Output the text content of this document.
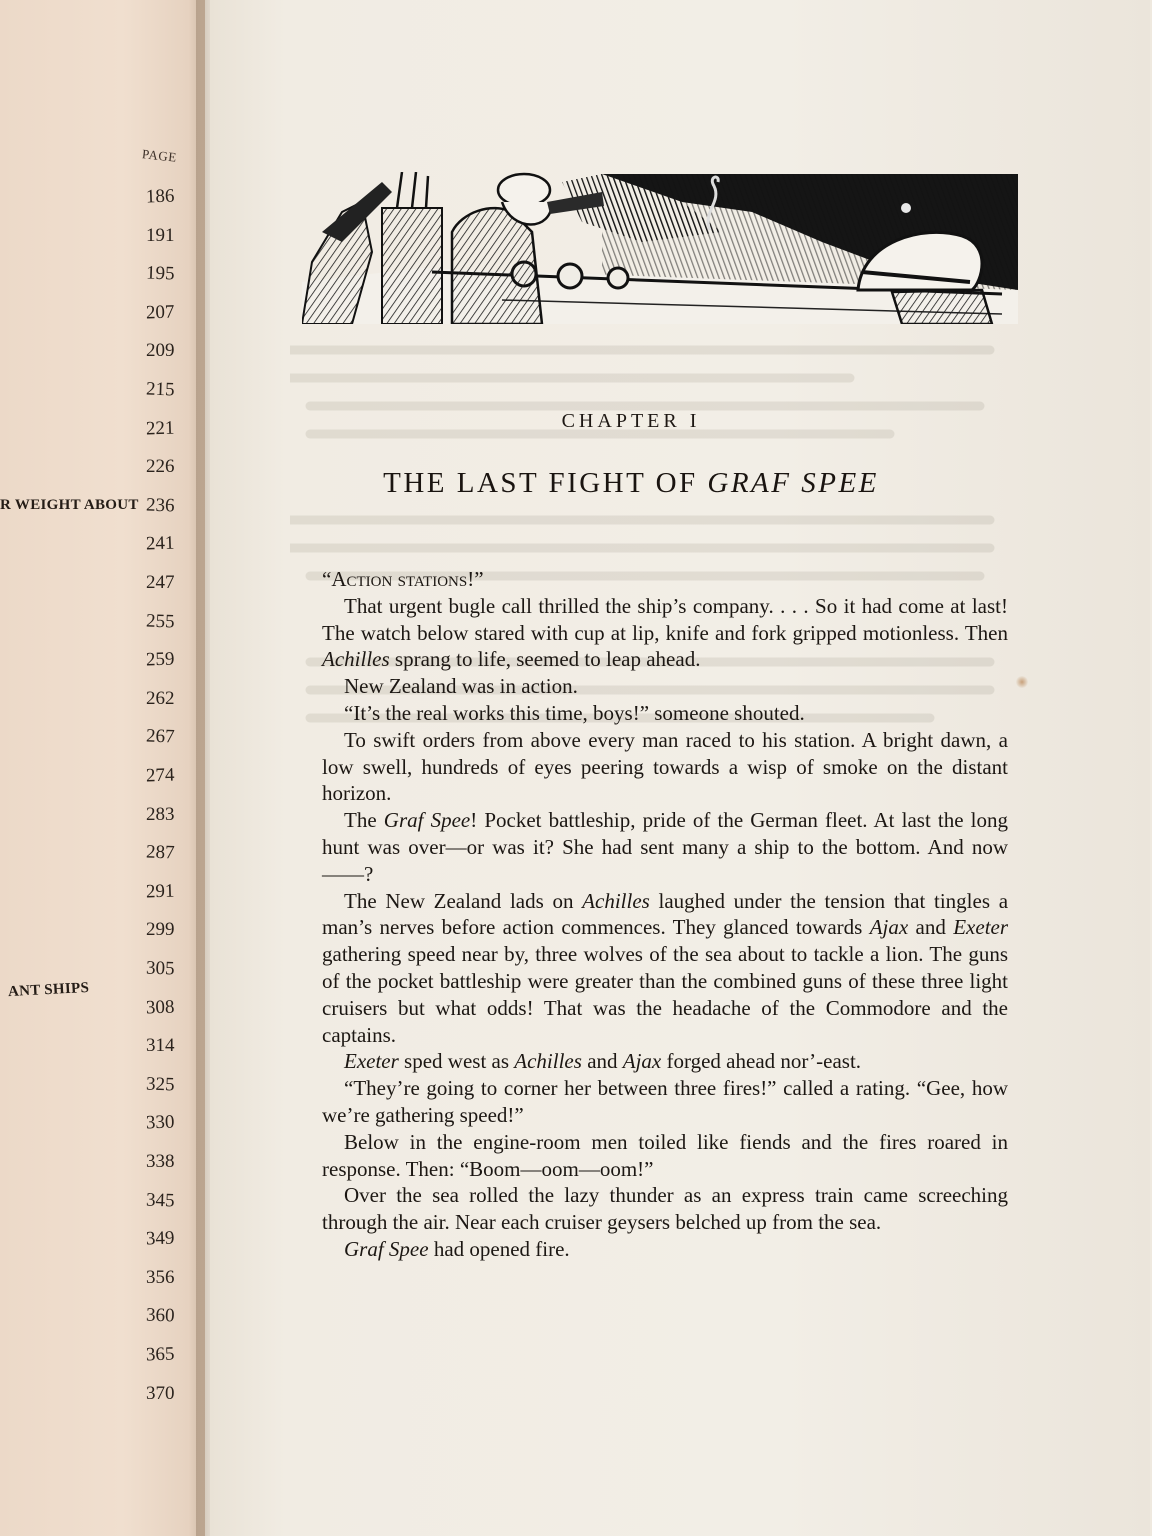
PAGE
186
191
195
207
209
215
221
226
236
241
247
255
259
262
267
274
283
287
291
299
305
308
314
325
330
338
345
349
356
360
365
370
R WEIGHT ABOUT
ANT SHIPS
CHAPTER I
THE LAST FIGHT OF GRAF SPEE

“Action stations!”

That urgent bugle call thrilled the ship’s company. . . . So it had come at last! The watch below stared with cup at lip, knife and fork gripped motionless. Then Achilles sprang to life, seemed to leap ahead.

New Zealand was in action.

“It’s the real works this time, boys!” someone shouted.

To swift orders from above every man raced to his station. A bright dawn, a low swell, hundreds of eyes peering towards a wisp of smoke on the distant horizon.

The Graf Spee! Pocket battleship, pride of the German fleet. At last the long hunt was over—or was it? She had sent many a ship to the bottom. And now——?

The New Zealand lads on Achilles laughed under the tension that tingles a man’s nerves before action commences. They glanced towards Ajax and Exeter gathering speed near by, three wolves of the sea about to tackle a lion. The guns of the pocket battleship were greater than the combined guns of these three light cruisers but what odds! That was the headache of the Commodore and the captains.

Exeter sped west as Achilles and Ajax forged ahead nor’-east.

“They’re going to corner her between three fires!” called a rating. “Gee, how we’re gathering speed!”

Below in the engine-room men toiled like fiends and the fires roared in response. Then: “Boom—oom—oom!”

Over the sea rolled the lazy thunder as an express train came screeching through the air. Near each cruiser geysers belched up from the sea.

Graf Spee had opened fire.
